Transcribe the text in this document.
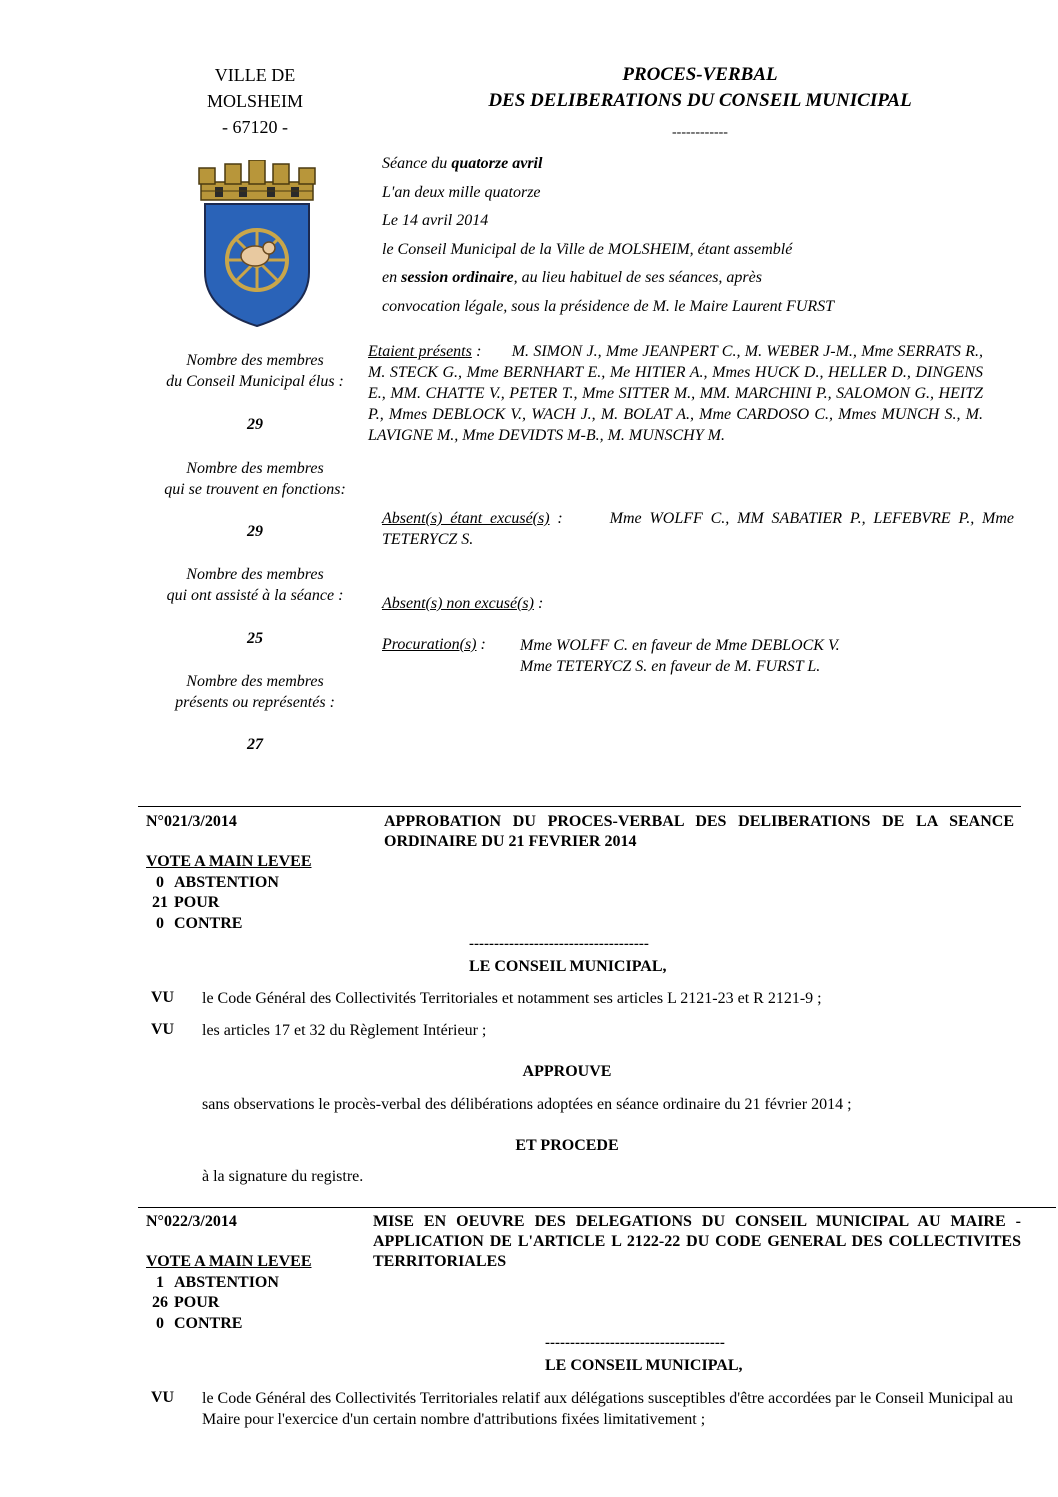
VILLE DE
MOLSHEIM
- 67120 -
PROCES-VERBAL
DES DELIBERATIONS DU CONSEIL MUNICIPAL
------------
Séance du quatorze avril
L'an deux mille quatorze
Le 14 avril 2014
le Conseil Municipal de la Ville de MOLSHEIM, étant assemblé
en session ordinaire, au lieu habituel de ses séances, après
convocation légale, sous la présidence de M. le Maire Laurent FURST
Nombre des membres
du Conseil Municipal élus :
29
Nombre des membres
qui se trouvent en fonctions:
29
Nombre des membres
qui ont assisté à la séance :
25
Nombre des membres
présents ou représentés :
27
Etaient présents : M. SIMON J., Mme JEANPERT C., M. WEBER J-M., Mme SERRATS R., M. STECK G., Mme BERNHART E., Me HITIER A., Mmes HUCK D., HELLER D., DINGENS E., MM. CHATTE V., PETER T., Mme SITTER M., MM. MARCHINI P., SALOMON G., HEITZ P., Mmes DEBLOCK V., WACH J., M. BOLAT A., Mme CARDOSO C., Mmes MUNCH S., M. LAVIGNE M., Mme DEVIDTS M-B., M. MUNSCHY M.
Absent(s) étant excusé(s) :	Mme WOLFF C., MM SABATIER P., LEFEBVRE P., Mme TETERYCZ S.
Absent(s) non excusé(s) :
Procuration(s) : Mme WOLFF C. en faveur de Mme DEBLOCK V.
Mme TETERYCZ S. en faveur de M. FURST L.
N°021/3/2014	APPROBATION DU PROCES-VERBAL DES DELIBERATIONS DE LA SEANCE ORDINAIRE DU 21 FEVRIER 2014
VOTE A MAIN LEVEE
0 ABSTENTION
21 POUR
0 CONTRE
------------------------------------
LE CONSEIL MUNICIPAL,
VU le Code Général des Collectivités Territoriales et notamment ses articles L 2121-23 et R 2121-9 ;
VU les articles 17 et 32 du Règlement Intérieur ;
APPROUVE
sans observations le procès-verbal des délibérations adoptées en séance ordinaire du 21 février 2014 ;
ET PROCEDE
à la signature du registre.
N°022/3/2014	MISE EN OEUVRE DES DELEGATIONS DU CONSEIL MUNICIPAL AU MAIRE - APPLICATION DE L'ARTICLE L 2122-22 DU CODE GENERAL DES COLLECTIVITES TERRITORIALES
VOTE A MAIN LEVEE
1 ABSTENTION
26 POUR
0 CONTRE
------------------------------------
LE CONSEIL MUNICIPAL,
VU le Code Général des Collectivités Territoriales relatif aux délégations susceptibles d'être accordées par le Conseil Municipal au Maire pour l'exercice d'un certain nombre d'attributions fixées limitativement ;
